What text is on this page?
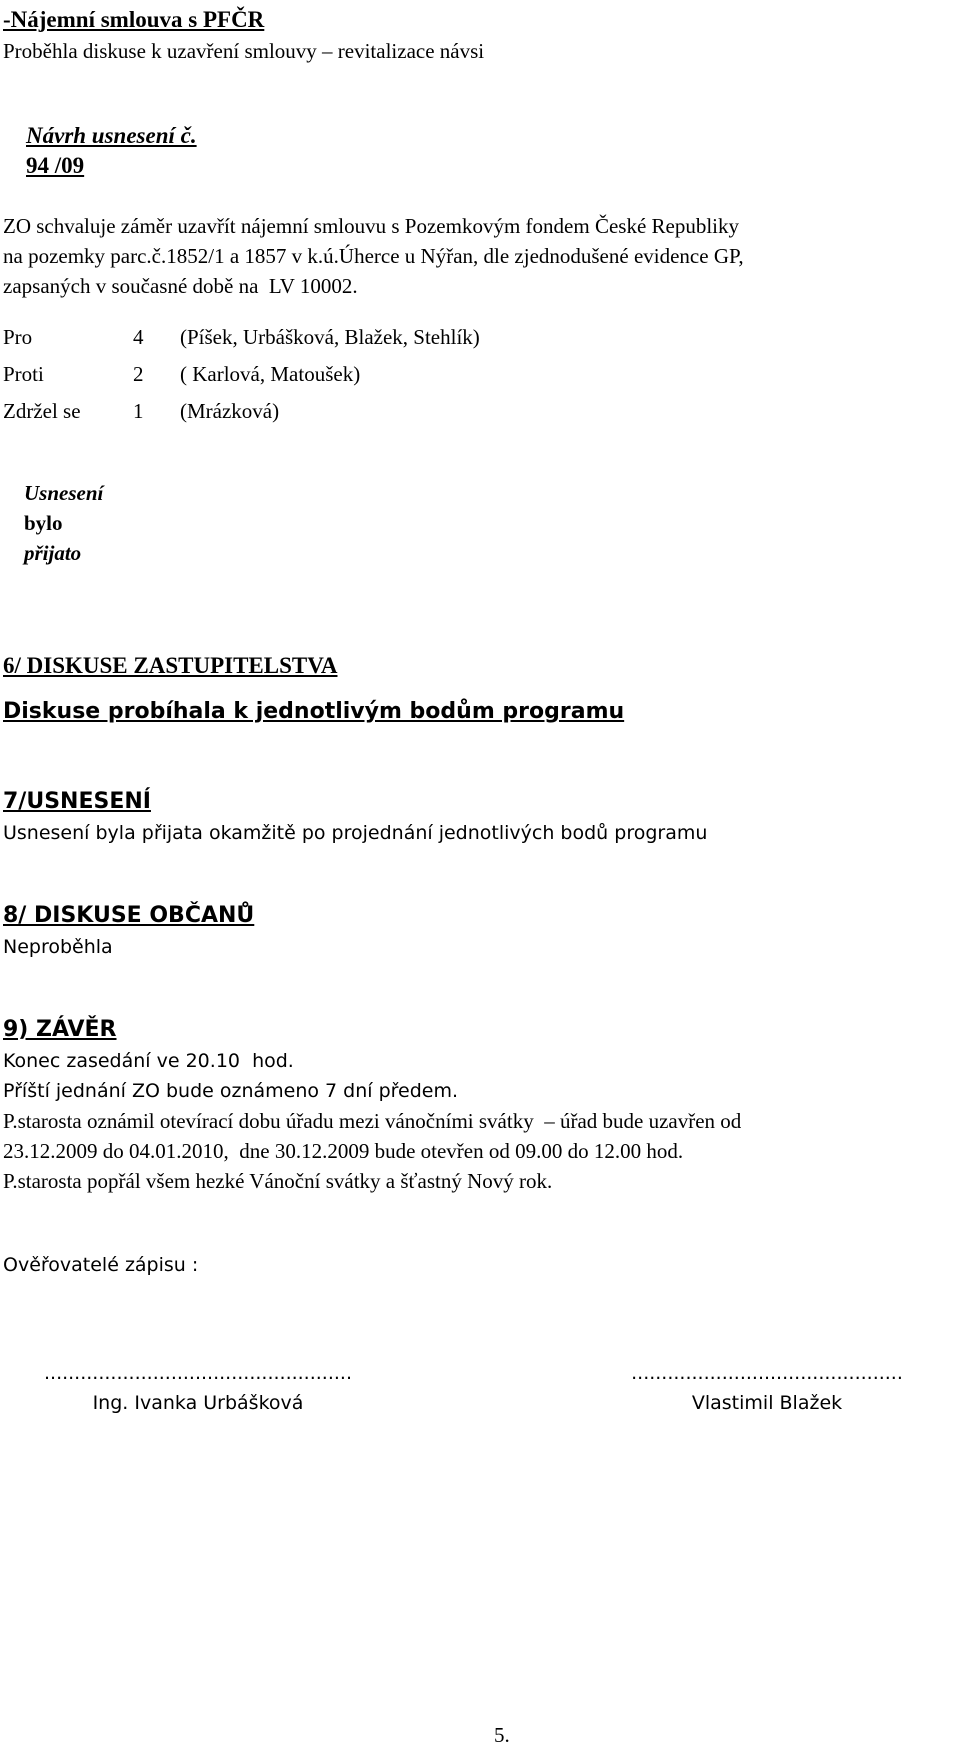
-Nájemní smlouva s PFČR
Proběhla diskuse k uzavření smlouvy – revitalizace návsi

Návrh usnesení č.
94 /09

ZO schvaluje záměr uzavřít nájemní smlouvu s Pozemkovým fondem České Republiky
na pozemky parc.č.1852/1 a 1857 v k.ú.Úherce u Nýřan, dle zjednodušené evidence GP,
zapsaných v současné době na  LV 10002.
Pro	4	(Píšek, Urbášková, Blažek, Stehlík)
Proti	2	( Karlová, Matoušek)
Zdržel se	1	(Mrázková)

Usnesení
bylo
přijato

6/ DISKUSE ZASTUPITELSTVA
Diskuse probíhala k jednotlivým bodům programu
7/USNESENÍ
Usnesení byla přijata okamžitě po projednání jednotlivých bodů programu
8/ DISKUSE OBČANŮ
Neproběhla
9) ZÁVĚR
Konec zasedání ve 20.10  hod.
Příští jednání ZO bude oznámeno 7 dní předem.
P.starosta oznámil otevírací dobu úřadu mezi vánočními svátky  – úřad bude uzavřen od
23.12.2009 do 04.01.2010,  dne 30.12.2009 bude otevřen od 09.00 do 12.00 hod.
P.starosta popřál všem hezké Vánoční svátky a šťastný Nový rok.
Ověřovatelé zápisu :
...................................................
Ing. Ivanka Urbášková
.............................................
Vlastimil Blažek
5.
